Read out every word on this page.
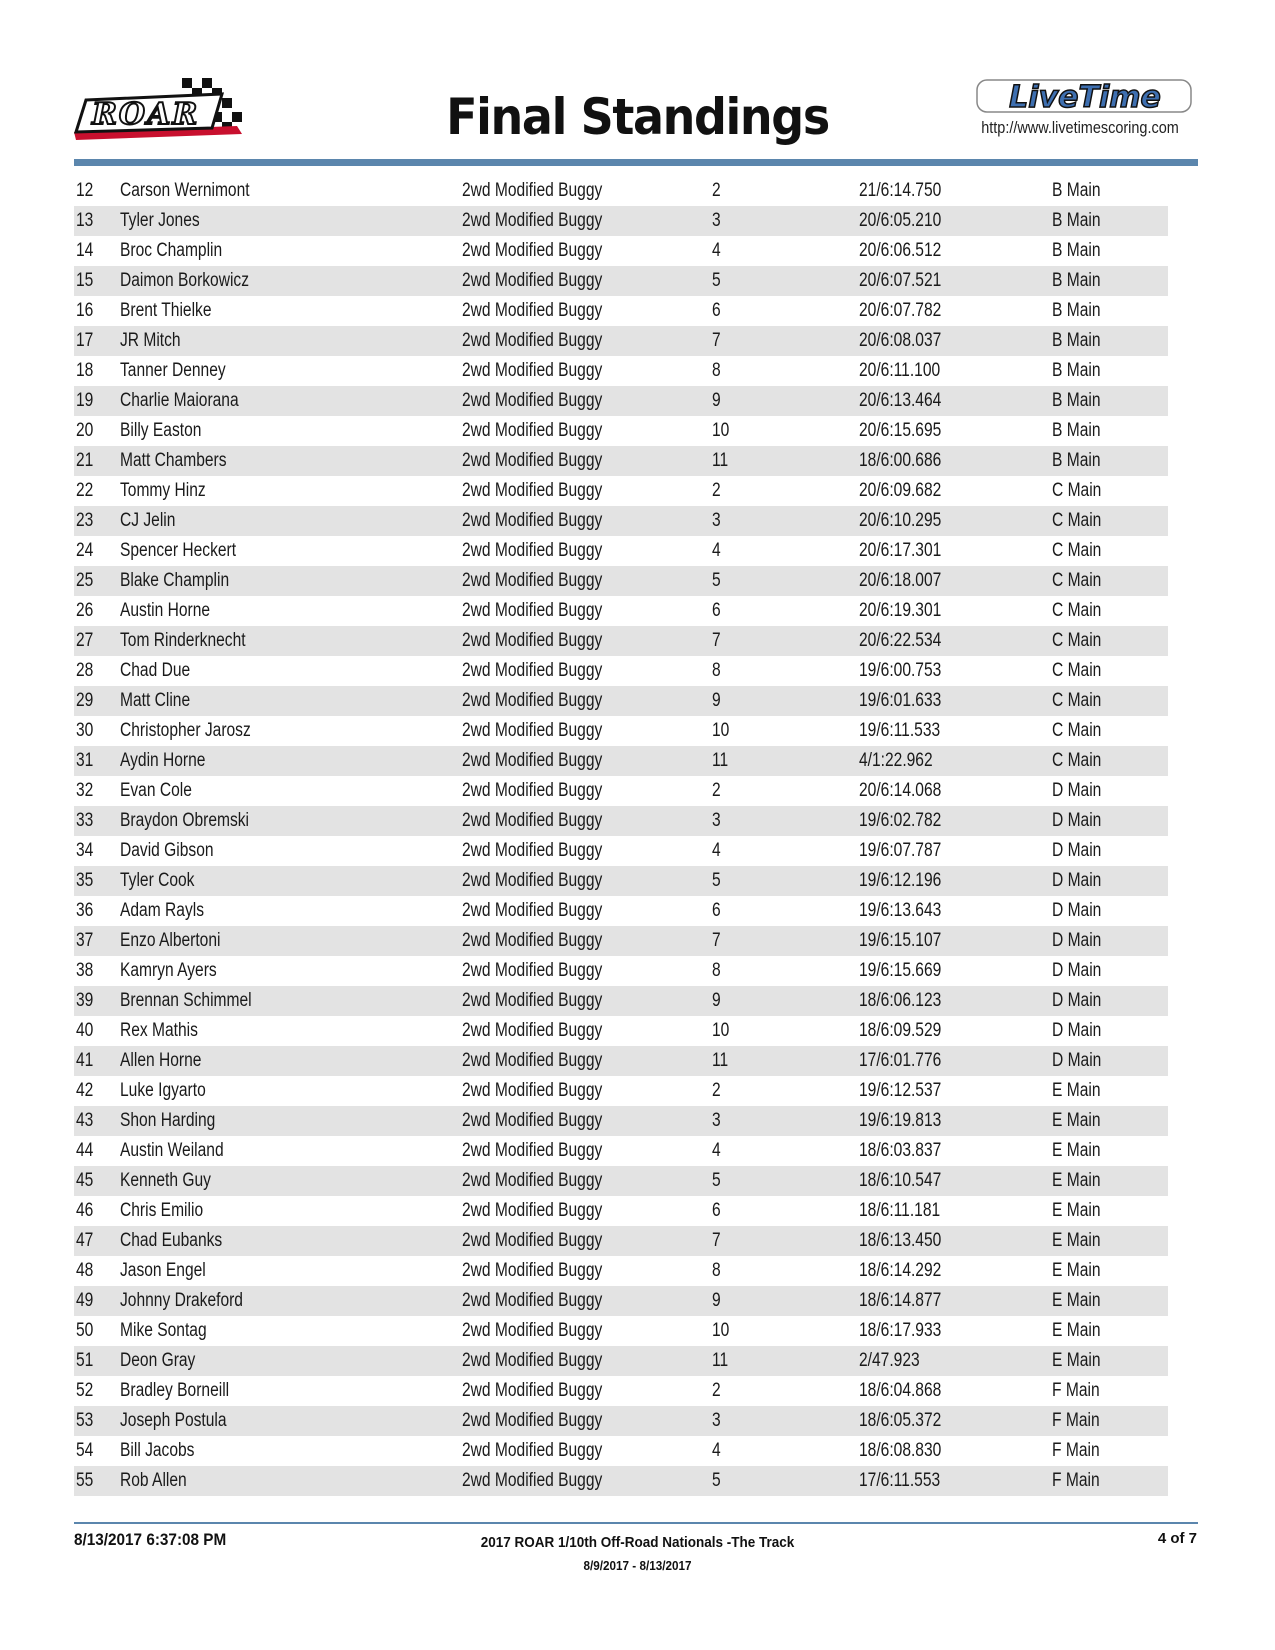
ROAR	Final Standings	LiveTime
http://www.livetimescoring.com
12 Carson Wernimont	2wd Modified Buggy	2	21/6:14.750	B Main
13 Tyler Jones	2wd Modified Buggy	3	20/6:05.210	B Main
14 Broc Champlin	2wd Modified Buggy	4	20/6:06.512	B Main
15 Daimon Borkowicz	2wd Modified Buggy	5	20/6:07.521	B Main
16 Brent Thielke	2wd Modified Buggy	6	20/6:07.782	B Main
17 JR Mitch	2wd Modified Buggy	7	20/6:08.037	B Main
18 Tanner Denney	2wd Modified Buggy	8	20/6:11.100	B Main
19 Charlie Maiorana	2wd Modified Buggy	9	20/6:13.464	B Main
20 Billy Easton	2wd Modified Buggy	10	20/6:15.695	B Main
21 Matt Chambers	2wd Modified Buggy	11	18/6:00.686	B Main
22 Tommy Hinz	2wd Modified Buggy	2	20/6:09.682	C Main
23 CJ Jelin	2wd Modified Buggy	3	20/6:10.295	C Main
24 Spencer Heckert	2wd Modified Buggy	4	20/6:17.301	C Main
25 Blake Champlin	2wd Modified Buggy	5	20/6:18.007	C Main
26 Austin Horne	2wd Modified Buggy	6	20/6:19.301	C Main
27 Tom Rinderknecht	2wd Modified Buggy	7	20/6:22.534	C Main
28 Chad Due	2wd Modified Buggy	8	19/6:00.753	C Main
29 Matt Cline	2wd Modified Buggy	9	19/6:01.633	C Main
30 Christopher Jarosz	2wd Modified Buggy	10	19/6:11.533	C Main
31 Aydin Horne	2wd Modified Buggy	11	4/1:22.962	C Main
32 Evan Cole	2wd Modified Buggy	2	20/6:14.068	D Main
33 Braydon Obremski	2wd Modified Buggy	3	19/6:02.782	D Main
34 David Gibson	2wd Modified Buggy	4	19/6:07.787	D Main
35 Tyler Cook	2wd Modified Buggy	5	19/6:12.196	D Main
36 Adam Rayls	2wd Modified Buggy	6	19/6:13.643	D Main
37 Enzo Albertoni	2wd Modified Buggy	7	19/6:15.107	D Main
38 Kamryn Ayers	2wd Modified Buggy	8	19/6:15.669	D Main
39 Brennan Schimmel	2wd Modified Buggy	9	18/6:06.123	D Main
40 Rex Mathis	2wd Modified Buggy	10	18/6:09.529	D Main
41 Allen Horne	2wd Modified Buggy	11	17/6:01.776	D Main
42 Luke Igyarto	2wd Modified Buggy	2	19/6:12.537	E Main
43 Shon Harding	2wd Modified Buggy	3	19/6:19.813	E Main
44 Austin Weiland	2wd Modified Buggy	4	18/6:03.837	E Main
45 Kenneth Guy	2wd Modified Buggy	5	18/6:10.547	E Main
46 Chris Emilio	2wd Modified Buggy	6	18/6:11.181	E Main
47 Chad Eubanks	2wd Modified Buggy	7	18/6:13.450	E Main
48 Jason Engel	2wd Modified Buggy	8	18/6:14.292	E Main
49 Johnny Drakeford	2wd Modified Buggy	9	18/6:14.877	E Main
50 Mike Sontag	2wd Modified Buggy	10	18/6:17.933	E Main
51 Deon Gray	2wd Modified Buggy	11	2/47.923	E Main
52 Bradley Borneill	2wd Modified Buggy	2	18/6:04.868	F Main
53 Joseph Postula	2wd Modified Buggy	3	18/6:05.372	F Main
54 Bill Jacobs	2wd Modified Buggy	4	18/6:08.830	F Main
55 Rob Allen	2wd Modified Buggy	5	17/6:11.553	F Main
8/13/2017 6:37:08 PM	2017 ROAR 1/10th Off-Road Nationals -The Track
8/9/2017 - 8/13/2017
4 of 7
